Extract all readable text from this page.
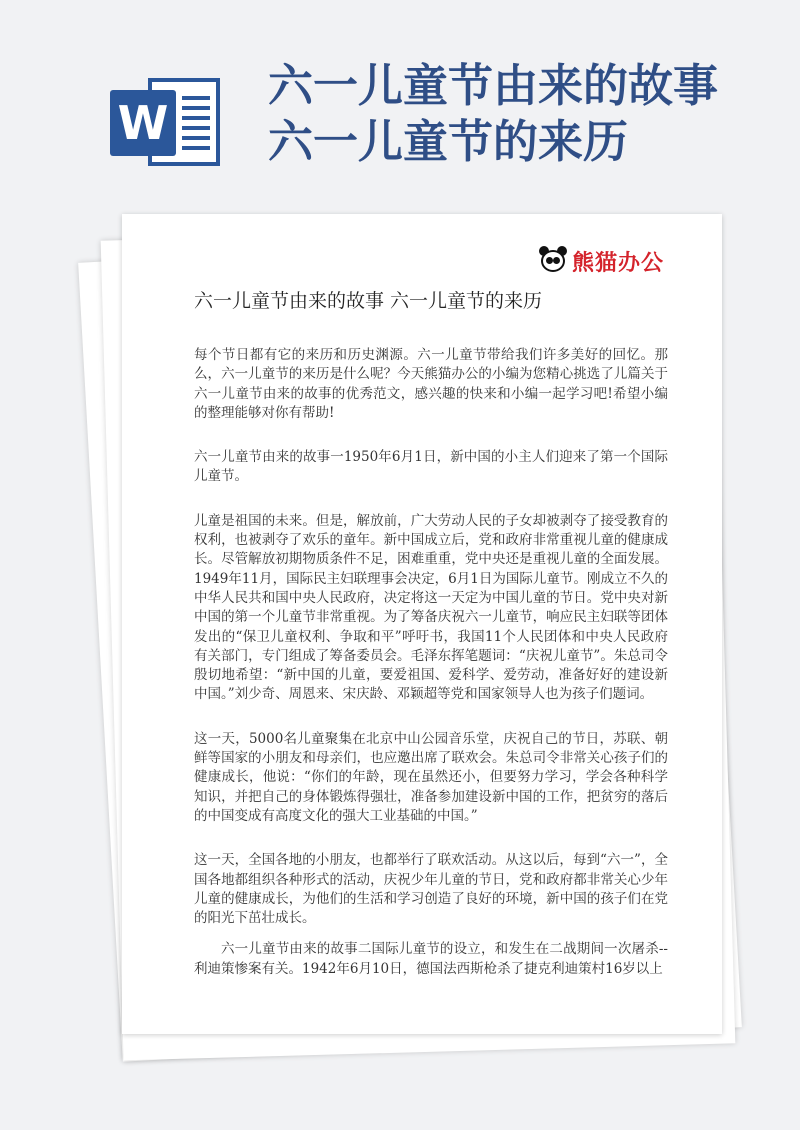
W
六一儿童节由来的故事
六一儿童节的来历
熊猫办公
六一儿童节由来的故事 六一儿童节的来历

每个节日都有它的来历和历史渊源。六一儿童节带给我们许多美好的回忆。那么，六一儿童节的来历是什么呢？今天熊猫办公的小编为您精心挑选了儿篇关于六一儿童节由来的故事的优秀范文，感兴趣的快来和小编一起学习吧!希望小编的整理能够对你有帮助!

六一儿童节由来的故事一1950年6月1日，新中国的小主人们迎来了第一个国际儿童节。

儿童是祖国的未来。但是，解放前，广大劳动人民的子女却被剥夺了接受教育的权利，也被剥夺了欢乐的童年。新中国成立后，党和政府非常重视儿童的健康成长。尽管解放初期物质条件不足，困难重重，党中央还是重视儿童的全面发展。1949年11月，国际民主妇联理事会决定，6月1日为国际儿童节。刚成立不久的中华人民共和国中央人民政府，决定将这一天定为中国儿童的节日。党中央对新中国的第一个儿童节非常重视。为了筹备庆祝六一儿童节，响应民主妇联等团体发出的“保卫儿童权利、争取和平”呼吁书，我国11个人民团体和中央人民政府有关部门，专门组成了筹备委员会。毛泽东挥笔题词：“庆祝儿童节”。朱总司令殷切地希望：“新中国的儿童，要爱祖国、爱科学、爱劳动，准备好好的建设新中国。”刘少奇、周恩来、宋庆龄、邓颖超等党和国家领导人也为孩子们题词。

这一天，5000名儿童聚集在北京中山公园音乐堂，庆祝自己的节日，苏联、朝鲜等国家的小朋友和母亲们，也应邀出席了联欢会。朱总司令非常关心孩子们的健康成长，他说：“你们的年龄，现在虽然还小，但要努力学习，学会各种科学知识，并把自己的身体锻炼得强壮，准备参加建设新中国的工作，把贫穷的落后的中国变成有高度文化的强大工业基础的中国。”

这一天，全国各地的小朋友，也都举行了联欢活动。从这以后，每到“六一”，全国各地都组织各种形式的活动，庆祝少年儿童的节日，党和政府都非常关心少年儿童的健康成长，为他们的生活和学习创造了良好的环境，新中国的孩子们在党的阳光下茁壮成长。

六一儿童节由来的故事二国际儿童节的设立，和发生在二战期间一次屠杀--利迪策惨案有关。1942年6月10日，德国法西斯枪杀了捷克利迪策村16岁以上
